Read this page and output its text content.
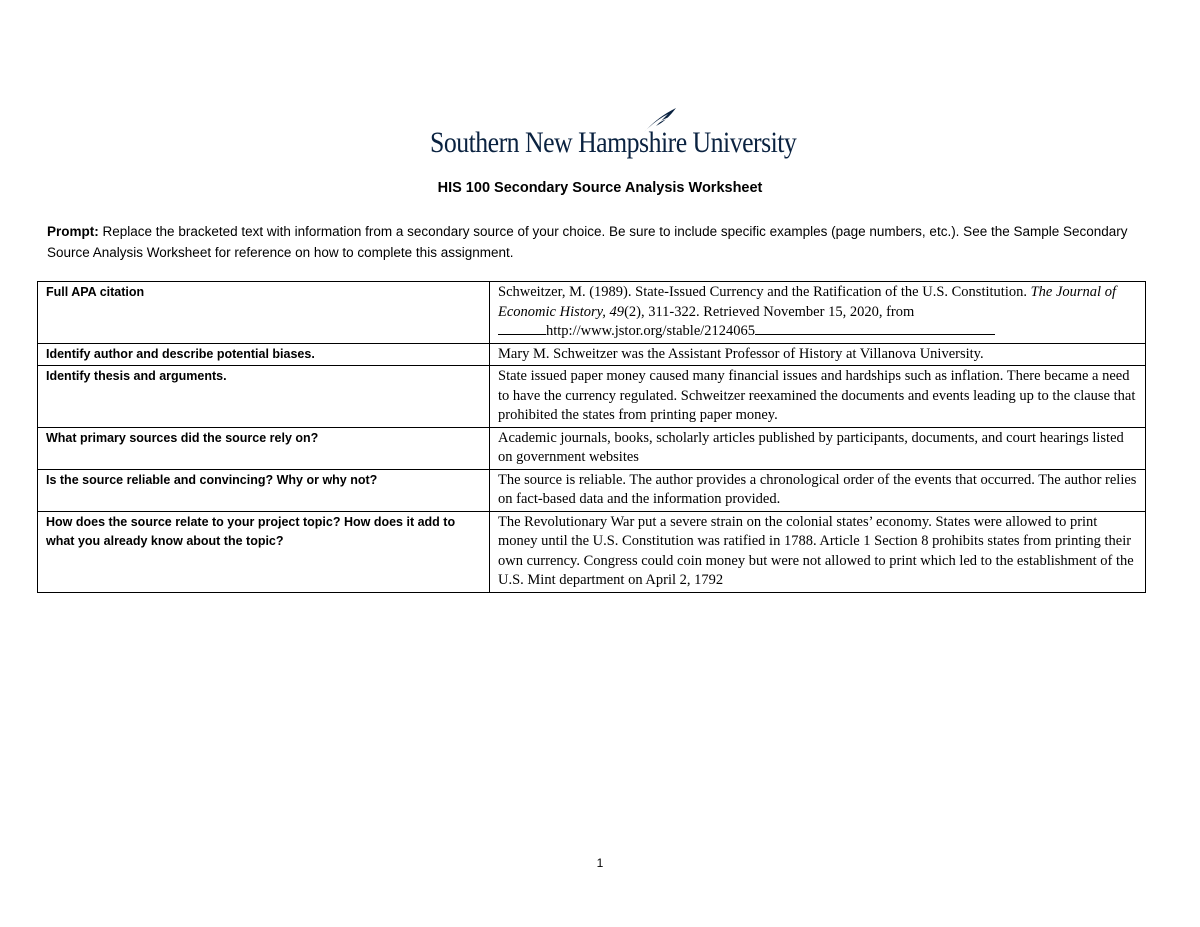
Southern New Hampshire University
HIS 100 Secondary Source Analysis Worksheet
Prompt: Replace the bracketed text with information from a secondary source of your choice. Be sure to include specific examples (page numbers, etc.). See the Sample Secondary Source Analysis Worksheet for reference on how to complete this assignment.
Full APA citation	Schweitzer, M. (1989). State-Issued Currency and the Ratification of the U.S. Constitution. The Journal of Economic History, 49(2), 311-322. Retrieved November 15, 2020, from
http://www.jstor.org/stable/2124065
Identify author and describe potential biases.	Mary M. Schweitzer was the Assistant Professor of History at Villanova University.
Identify thesis and arguments.	State issued paper money caused many financial issues and hardships such as inflation. There became a need to have the currency regulated. Schweitzer reexamined the documents and events leading up to the clause that prohibited the states from printing paper money.
What primary sources did the source rely on?	Academic journals, books, scholarly articles published by participants, documents, and court hearings listed on government websites
Is the source reliable and convincing? Why or why not?	The source is reliable. The author provides a chronological order of the events that occurred. The author relies on fact-based data and the information provided.
How does the source relate to your project topic? How does it add to what you already know about the topic?	The Revolutionary War put a severe strain on the colonial states’ economy. States were allowed to print money until the U.S. Constitution was ratified in 1788. Article 1 Section 8 prohibits states from printing their own currency. Congress could coin money but were not allowed to print which led to the establishment of the U.S. Mint department on April 2, 1792
1
